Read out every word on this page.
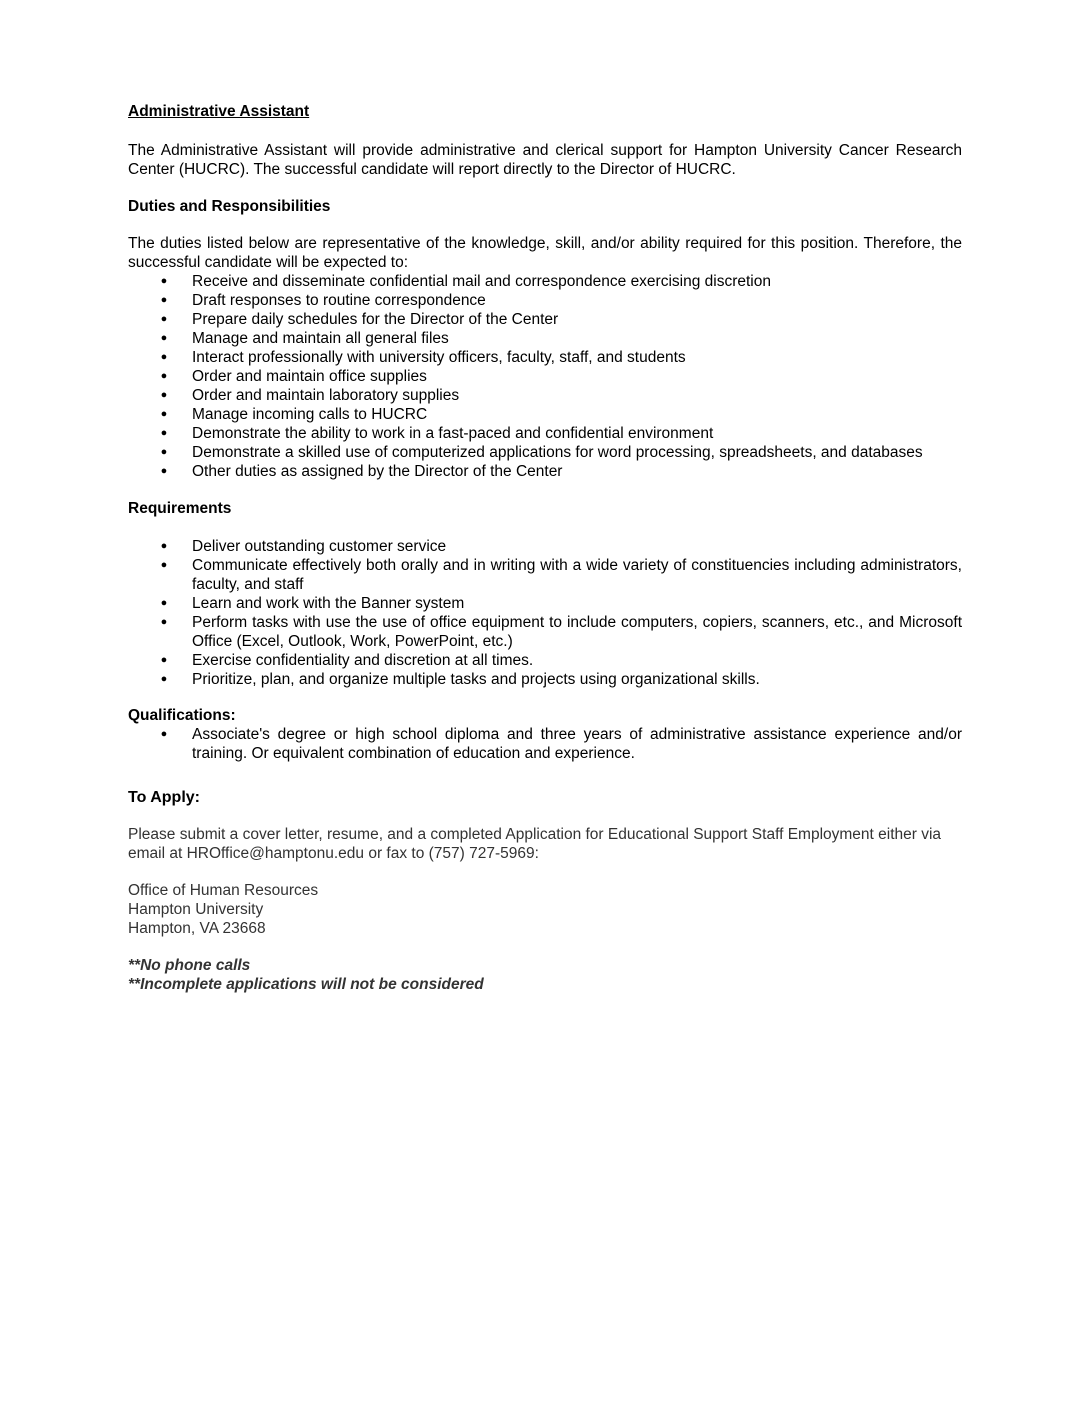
Administrative Assistant

The Administrative Assistant will provide administrative and clerical support for Hampton University Cancer Research Center (HUCRC). The successful candidate will report directly to the Director of HUCRC.

Duties and Responsibilities

The duties listed below are representative of the knowledge, skill, and/or ability required for this position. Therefore, the successful candidate will be expected to:

● Receive and disseminate confidential mail and correspondence exercising discretion
● Draft responses to routine correspondence
● Prepare daily schedules for the Director of the Center
● Manage and maintain all general files
● Interact professionally with university officers, faculty, staff, and students
● Order and maintain office supplies
● Order and maintain laboratory supplies
● Manage incoming calls to HUCRC
● Demonstrate the ability to work in a fast-paced and confidential environment
● Demonstrate a skilled use of computerized applications for word processing, spreadsheets, and databases
● Other duties as assigned by the Director of the Center

Requirements

● Deliver outstanding customer service
● Communicate effectively both orally and in writing with a wide variety of constituencies including administrators, faculty, and staff
● Learn and work with the Banner system
● Perform tasks with use the use of office equipment to include computers, copiers, scanners, etc., and Microsoft Office (Excel, Outlook, Work, PowerPoint, etc.)
● Exercise confidentiality and discretion at all times.
● Prioritize, plan, and organize multiple tasks and projects using organizational skills.

Qualifications:

● Associate's degree or high school diploma and three years of administrative assistance experience and/or training. Or equivalent combination of education and experience.

To Apply:

Please submit a cover letter, resume, and a completed Application for Educational Support Staff Employment either via email at HROffice@hamptonu.edu or fax to (757) 727-5969:

Office of Human Resources
Hampton University
Hampton, VA 23668

**No phone calls

**Incomplete applications will not be considered
